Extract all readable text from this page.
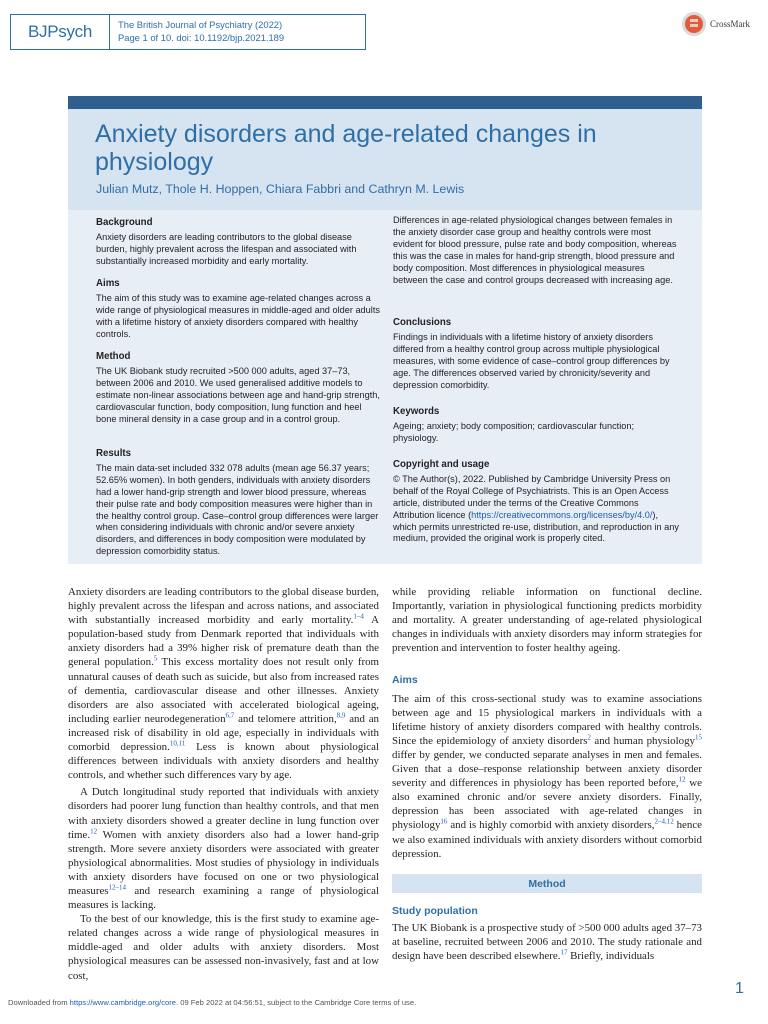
BJPsych	The British Journal of Psychiatry (2022)
Page 1 of 10. doi: 10.1192/bjp.2021.189
CrossMark
Anxiety disorders and age-related changes in physiology
Julian Mutz, Thole H. Hoppen, Chiara Fabbri and Cathryn M. Lewis
Background

Anxiety disorders are leading contributors to the global disease burden, highly prevalent across the lifespan and associated with substantially increased morbidity and early mortality.

Aims

The aim of this study was to examine age-related changes across a wide range of physiological measures in middle-aged and older adults with a lifetime history of anxiety disorders compared with healthy controls.

Method

The UK Biobank study recruited >500 000 adults, aged 37–73, between 2006 and 2010. We used generalised additive models to estimate non-linear associations between age and hand-grip strength, cardiovascular function, body composition, lung function and heel bone mineral density in a case group and in a control group.

Results

The main data-set included 332 078 adults (mean age 56.37 years; 52.65% women). In both genders, individuals with anxiety disorders had a lower hand-grip strength and lower blood pressure, whereas their pulse rate and body composition measures were higher than in the healthy control group. Case–control group differences were larger when considering individuals with chronic and/or severe anxiety disorders, and differences in body composition were modulated by depression comorbidity status.

Differences in age-related physiological changes between females in the anxiety disorder case group and healthy controls were most evident for blood pressure, pulse rate and body composition, whereas this was the case in males for hand-grip strength, blood pressure and body composition. Most differences in physiological measures between the case and control groups decreased with increasing age.

Conclusions

Findings in individuals with a lifetime history of anxiety disorders differed from a healthy control group across multiple physiological measures, with some evidence of case–control group differences by age. The differences observed varied by chronicity/severity and depression comorbidity.

Keywords

Ageing; anxiety; body composition; cardiovascular function; physiology.

Copyright and usage

© The Author(s), 2022. Published by Cambridge University Press on behalf of the Royal College of Psychiatrists. This is an Open Access article, distributed under the terms of the Creative Commons Attribution licence (https://creativecommons.org/licenses/by/4.0/), which permits unrestricted re-use, distribution, and reproduction in any medium, provided the original work is properly cited.

Anxiety disorders are leading contributors to the global disease burden, highly prevalent across the lifespan and across nations, and associated with substantially increased morbidity and early mortality.$^{1-4}$ A population-based study from Denmark reported that individuals with anxiety disorders had a 39% higher risk of premature death than the general population.$^5$ This excess mortality does not result only from unnatural causes of death such as suicide, but also from increased rates of dementia, cardiovascular disease and other illnesses. Anxiety disorders are also associated with accelerated biological ageing, including earlier neurodegeneration$^{6,7}$ and telomere attrition,$^{8,9}$ and an increased risk of disability in old age, especially in individuals with comorbid depression.$^{10,11}$ Less is known about physiological differences between individuals with anxiety disorders and healthy controls, and whether such differences vary by age.

A Dutch longitudinal study reported that individuals with anxiety disorders had poorer lung function than healthy controls, and that men with anxiety disorders showed a greater decline in lung function over time.$^{12}$ Women with anxiety disorders also had a lower hand-grip strength. More severe anxiety disorders were associated with greater physiological abnormalities. Most studies of physiology in individuals with anxiety disorders have focused on one or two physiological measures$^{12-14}$ and research examining a range of physiological measures is lacking.

To the best of our knowledge, this is the first study to examine age-related changes across a wide range of physiological measures in middle-aged and older adults with anxiety disorders. Most physiological measures can be assessed non-invasively, fast and at low cost,

while providing reliable information on functional decline. Importantly, variation in physiological functioning predicts morbidity and mortality. A greater understanding of age-related physiological changes in individuals with anxiety disorders may inform strategies for prevention and intervention to foster healthy ageing.

Aims

The aim of this cross-sectional study was to examine associations between age and 15 physiological markers in individuals with a lifetime history of anxiety disorders compared with healthy controls. Since the epidemiology of anxiety disorders$^2$ and human physiology$^{15}$ differ by gender, we conducted separate analyses in men and females. Given that a dose–response relationship between anxiety disorder severity and differences in physiology has been reported before,$^{12}$ we also examined chronic and/or severe anxiety disorders. Finally, depression has been associated with age-related changes in physiology$^{16}$ and is highly comorbid with anxiety disorders,$^{2-4,12}$ hence we also examined individuals with anxiety disorders without comorbid depression.

Method
Study population

The UK Biobank is a prospective study of >500 000 adults aged 37–73 at baseline, recruited between 2006 and 2010. The study rationale and design have been described elsewhere.$^{17}$ Briefly, individuals

Downloaded from https://www.cambridge.org/core. 09 Feb 2022 at 04:56:51, subject to the Cambridge Core terms of use.
1
